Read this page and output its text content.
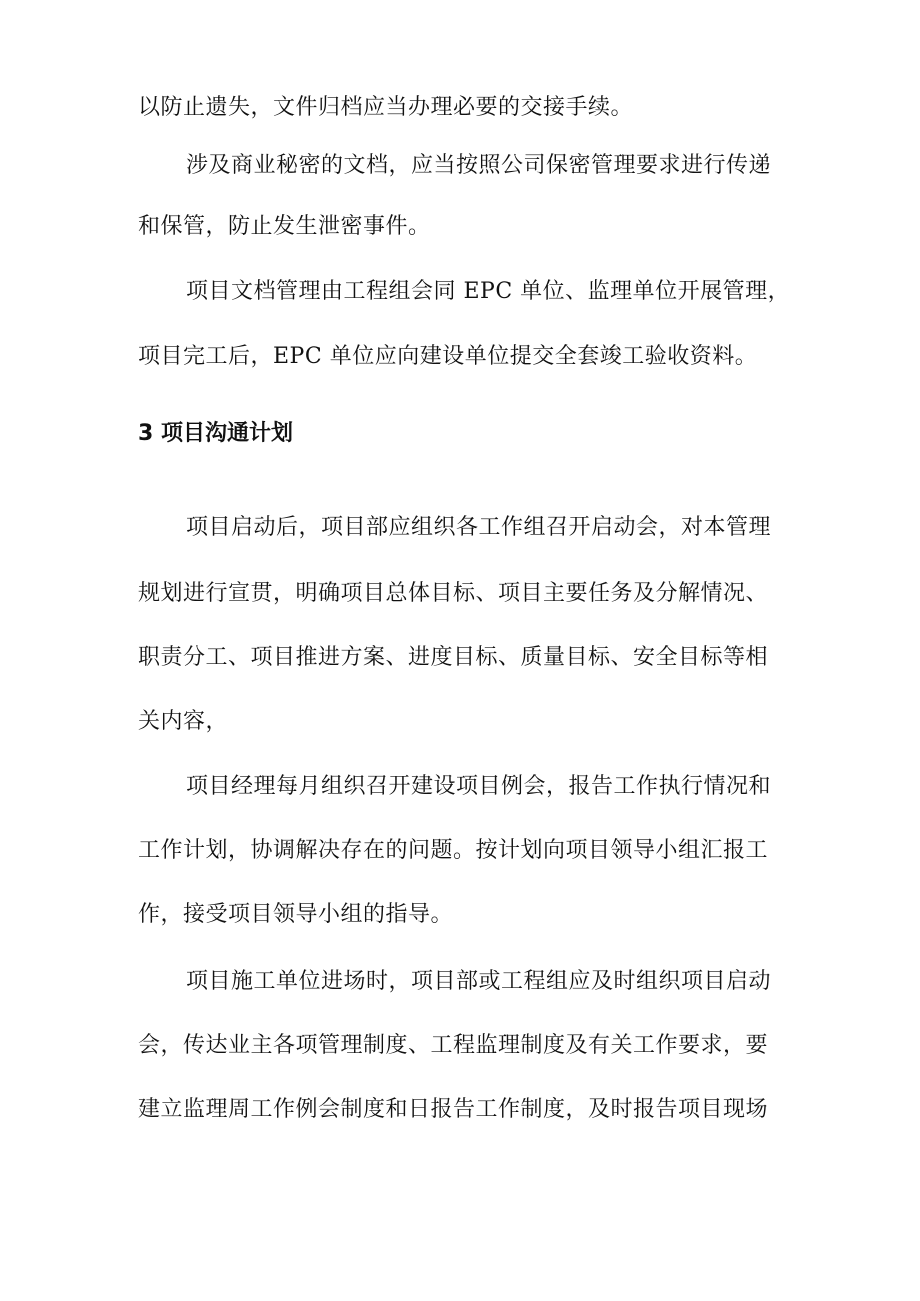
以防止遗失，文件归档应当办理必要的交接手续。
涉及商业秘密的文档，应当按照公司保密管理要求进行传递
和保管，防止发生泄密事件。
项目文档管理由工程组会同 EPC 单位、监理单位开展管理，
项目完工后，EPC 单位应向建设单位提交全套竣工验收资料。
3 项目沟通计划
项目启动后，项目部应组织各工作组召开启动会，对本管理
规划进行宣贯，明确项目总体目标、项目主要任务及分解情况、
职责分工、项目推进方案、进度目标、质量目标、安全目标等相
关内容，
项目经理每月组织召开建设项目例会，报告工作执行情况和
工作计划，协调解决存在的问题。按计划向项目领导小组汇报工
作，接受项目领导小组的指导。
项目施工单位进场时，项目部或工程组应及时组织项目启动
会，传达业主各项管理制度、工程监理制度及有关工作要求，要
建立监理周工作例会制度和日报告工作制度，及时报告项目现场
